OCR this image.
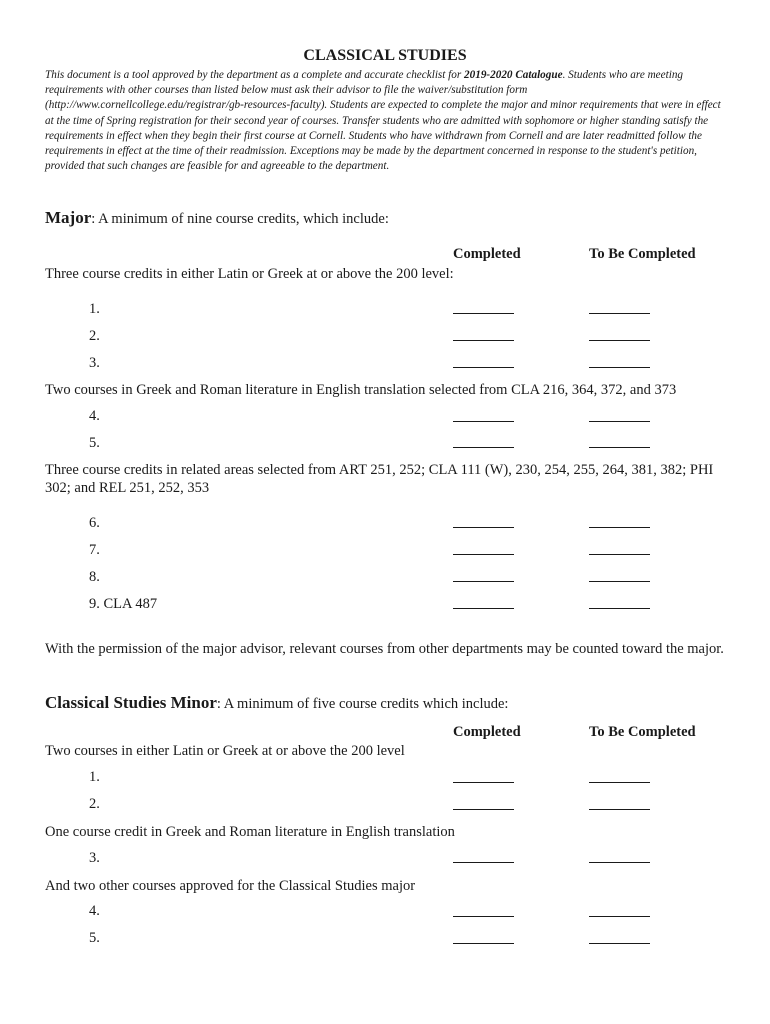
CLASSICAL STUDIES
This document is a tool approved by the department as a complete and accurate checklist for 2019-2020 Catalogue. Students who are meeting requirements with other courses than listed below must ask their advisor to file the waiver/substitution form (http://www.cornellcollege.edu/registrar/gb-resources-faculty). Students are expected to complete the major and minor requirements that were in effect at the time of Spring registration for their second year of courses. Transfer students who are admitted with sophomore or higher standing satisfy the requirements in effect when they begin their first course at Cornell. Students who have withdrawn from Cornell and are later readmitted follow the requirements in effect at the time of their readmission. Exceptions may be made by the department concerned in response to the student's petition, provided that such changes are feasible for and agreeable to the department.
Major: A minimum of nine course credits, which include:
Completed	To Be Completed
Three course credits in either Latin or Greek at or above the 200 level:
1.
2.
3.
Two courses in Greek and Roman literature in English translation selected from CLA 216, 364, 372, and 373
4.
5.
Three course credits in related areas selected from ART 251, 252; CLA 111 (W), 230, 254, 255, 264, 381, 382; PHI 302; and REL 251, 252, 353
6.
7.
8.
9. CLA 487
With the permission of the major advisor, relevant courses from other departments may be counted toward the major.
Classical Studies Minor: A minimum of five course credits which include:
Completed	To Be Completed
Two courses in either Latin or Greek at or above the 200 level
1.
2.
One course credit in Greek and Roman literature in English translation
3.
And two other courses approved for the Classical Studies major
4.
5.
